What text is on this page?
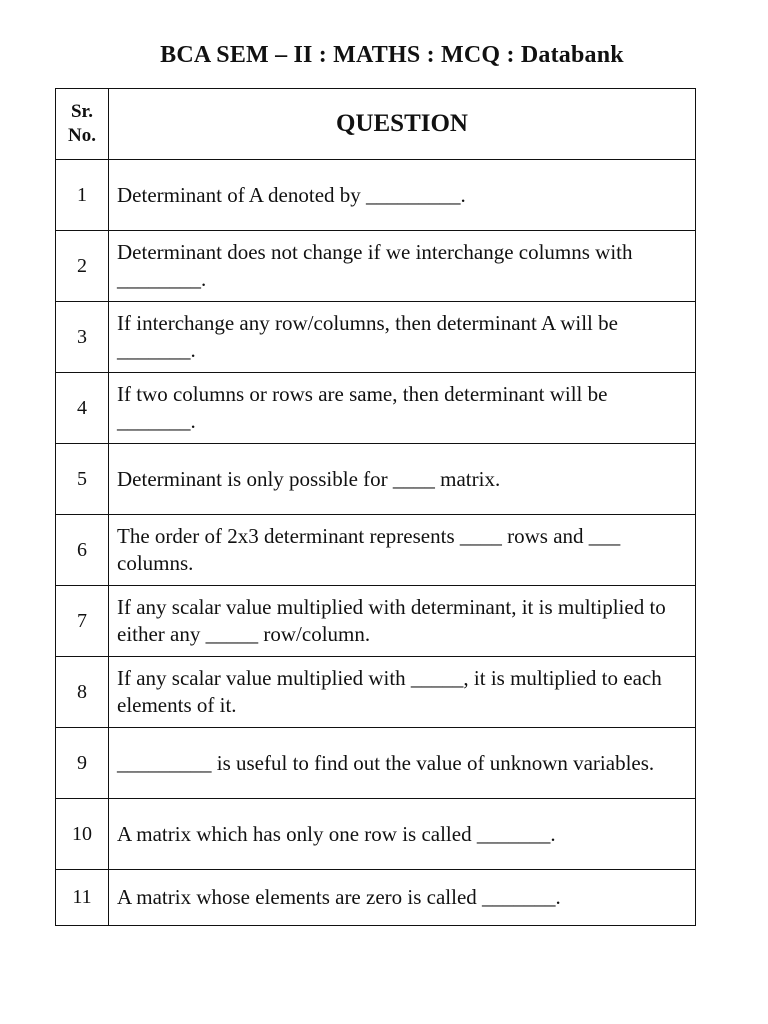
BCA SEM – II : MATHS : MCQ : Databank
Sr.
No.	QUESTION
1	Determinant of A denoted by _________.
2	Determinant does not change if we interchange columns with ________.
3	If interchange any row/columns, then determinant A will be _______.
4	If two columns or rows are same, then determinant will be _______.
5	Determinant is only possible for ____ matrix.
6	The order of 2x3 determinant represents ____ rows and ___ columns.
7	If any scalar value multiplied with determinant, it is multiplied to either any _____ row/column.
8	If any scalar value multiplied with _____, it is multiplied to each elements of it.
9	_________ is useful to find out the value of unknown variables.
10	A matrix which has only one row is called _______.
11	A matrix whose elements are zero is called _______.
